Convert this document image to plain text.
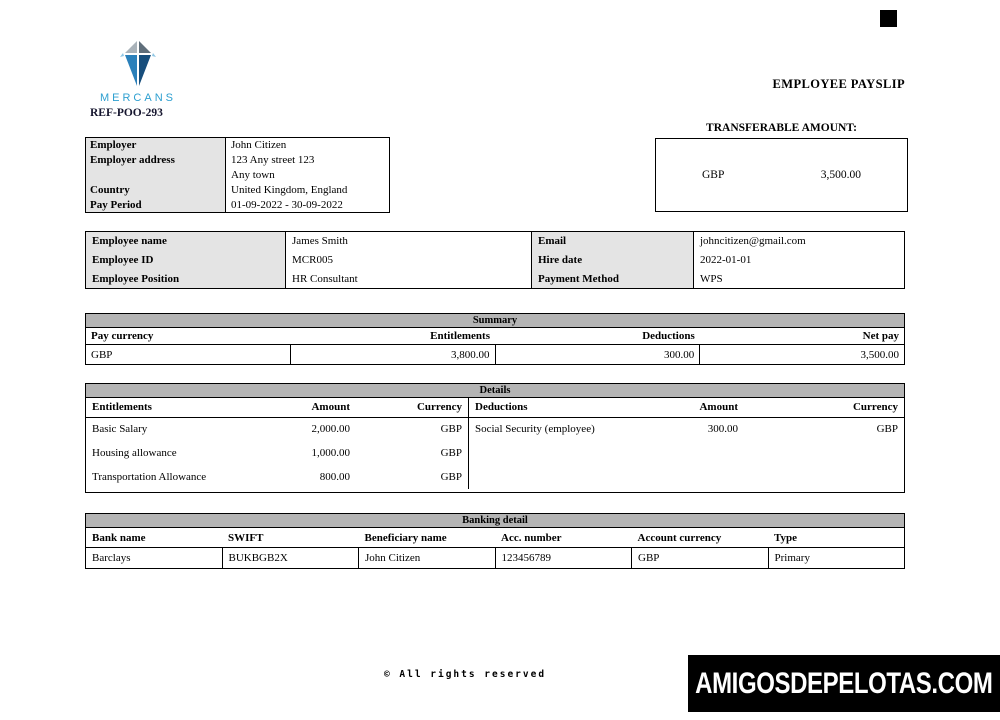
MERCANS
REF-POO-293
EMPLOYEE PAYSLIP
TRANSFERABLE AMOUNT:
GBP	3,500.00
Employer	John Citizen
Employer address	123 Any street 123
	Any town
Country	United Kingdom, England
Pay Period	01-09-2022 - 30-09-2022
Employee name	James Smith	Email	johncitizen@gmail.com
Employee ID	MCR005	Hire date	2022-01-01
Employee Position	HR Consultant	Payment Method	WPS
Summary			
Pay currency	Entitlements	Deductions	Net pay
GBP	3,800.00	300.00	3,500.00
Details
Entitlements	Amount	Currency
Basic Salary	2,000.00	GBP
Housing allowance	1,000.00	GBP
Transportation Allowance	800.00	GBP
Deductions	Amount	Currency
Social Security (employee)	300.00	GBP
Banking detail					
Bank name	SWIFT	Beneficiary name	Acc. number	Account currency	Type
Barclays	BUKBGB2X	John Citizen	123456789	GBP	Primary
© All rights reserved	AMIGOSDEPELOTAS.COM
